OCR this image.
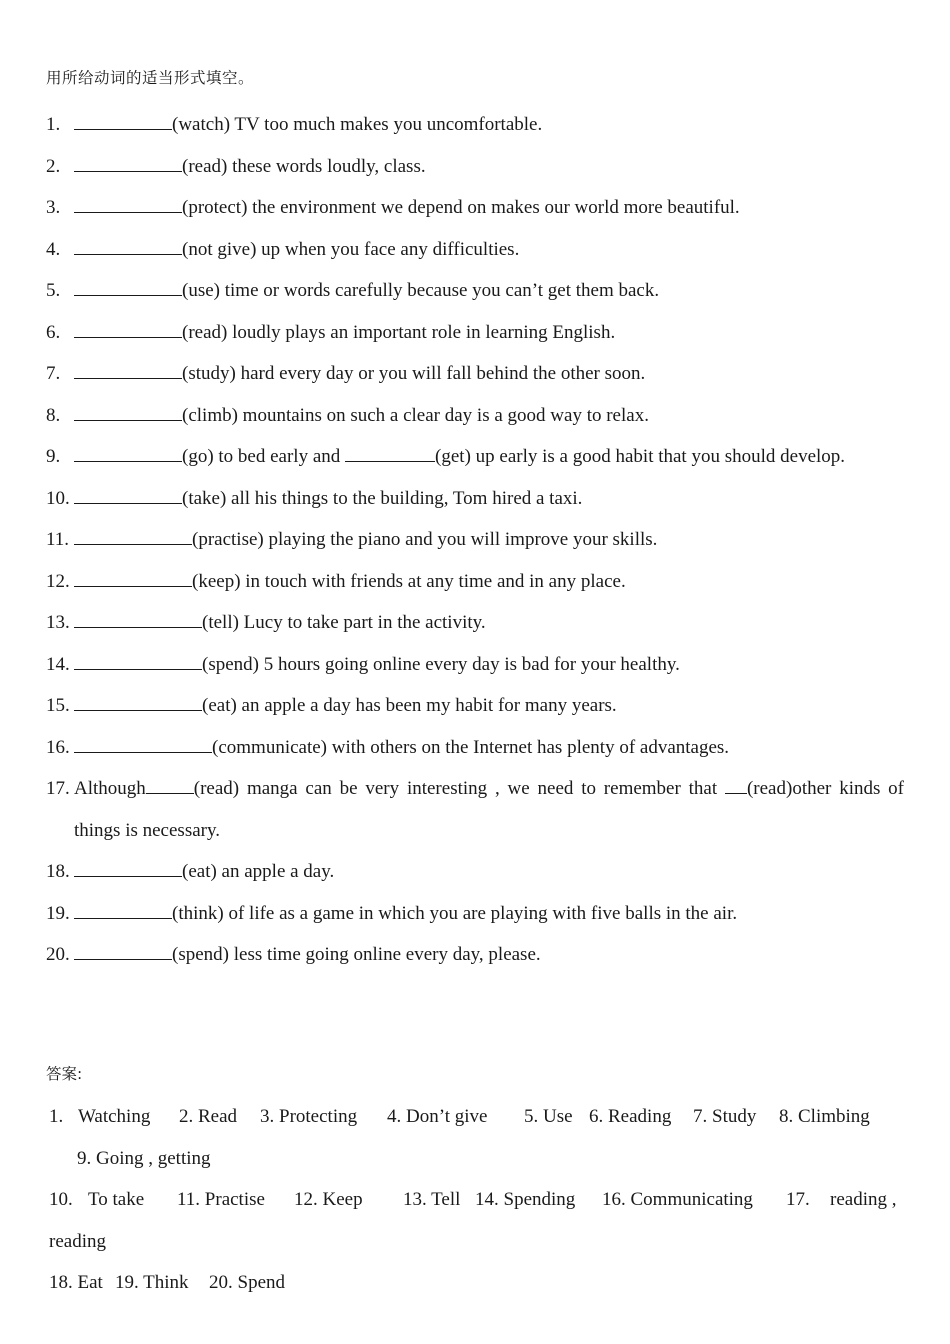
用所给动词的适当形式填空。
1.	(watch) TV too much makes you uncomfortable.
2.	(read) these words loudly, class.
3.	(protect) the environment we depend on makes our world more beautiful.
4.	(not give) up when you face any difficulties.
5.	(use) time or words carefully because you can’t get them back.
6.	(read) loudly plays an important role in learning English.
7.	(study) hard every day or you will fall behind the other soon.
8.	(climb) mountains on such a clear day is a good way to relax.
9.	(go) to bed early and	(get) up early is a good habit that you should develop.
10.	(take) all his things to the building, Tom hired a taxi.
11.	(practise) playing the piano and you will improve your skills.
12.	(keep) in touch with friends at any time and in any place.
13.	(tell) Lucy to take part in the activity.
14.	(spend) 5 hours going online every day is bad for your healthy.
15.	(eat) an apple a day has been my habit for many years.
16.	(communicate) with others on the Internet has plenty of advantages.
17. Although	(read) manga can be very interesting , we need to remember that (read)other kinds of things is necessary.
18.	(eat) an apple a day.
19.	(think) of life as a game in which you are playing with five balls in the air.
20.	(spend) less time going online every day, please.
答案:
1. Watching 2. Read 3. Protecting 4. Don’t give 5. Use 6. Reading 7. Study 8. Climbing
9. Going , getting
10. To take 11. Practise 12. Keep 13. Tell 14. Spending 16. Communicating 17. reading ,
reading
18. Eat 19. Think 20. Spend
